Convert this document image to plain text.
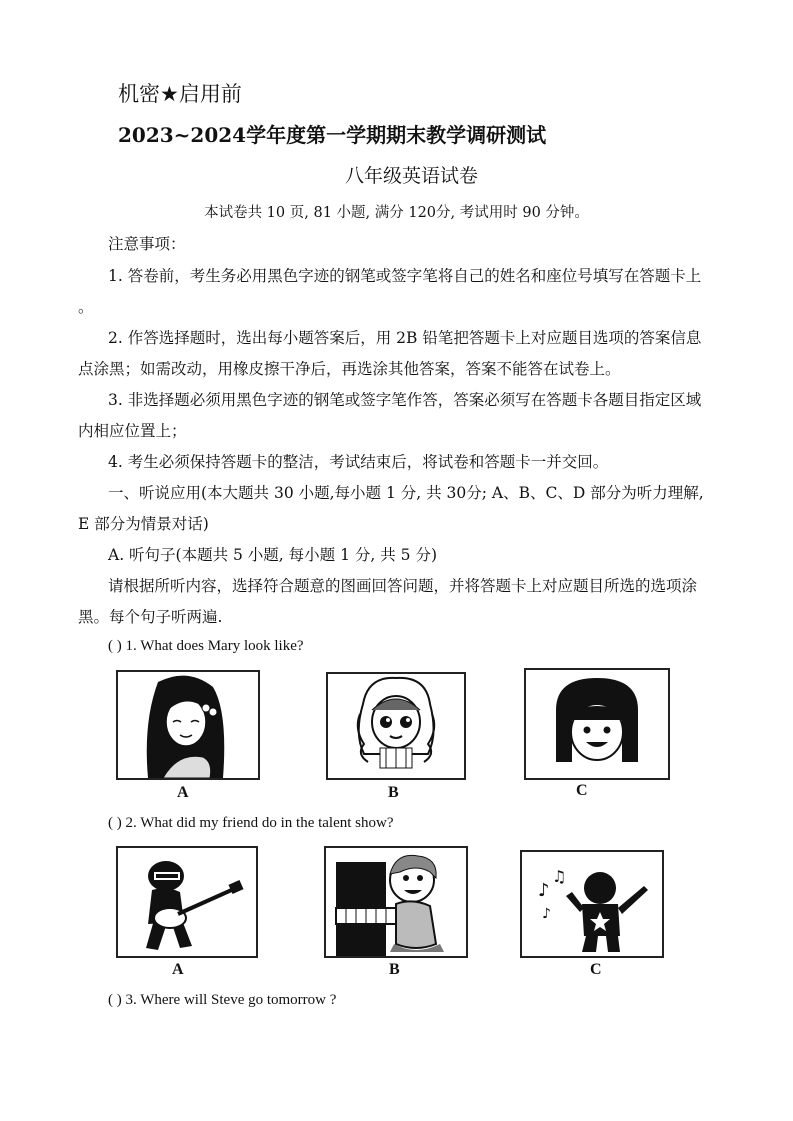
机密★启用前
2023~2024学年度第一学期期末教学调研测试
八年级英语试卷
本试卷共 10 页, 81 小题, 满分 120分, 考试用时 90 分钟。
注意事项：
1. 答卷前，考生务必用黑色字迹的钢笔或签字笔将自己的姓名和座位号填写在答题卡上
。
2. 作答选择题时，选出每小题答案后，用 2B 铅笔把答题卡上对应题目选项的答案信息
点涂黑；如需改动，用橡皮擦干净后，再选涂其他答案，答案不能答在试卷上。
3. 非选择题必须用黑色字迹的钢笔或签字笔作答，答案必须写在答题卡各题目指定区域
内相应位置上；
4. 考生必须保持答题卡的整洁，考试结束后，将试卷和答题卡一并交回。
一、听说应用(本大题共 30 小题,每小题 1 分, 共 30分; A、B、C、D 部分为听力理解,
E 部分为情景对话)
A. 听句子(本题共 5 小题, 每小题 1 分, 共 5 分)
请根据所听内容，选择符合题意的图画回答问题，并将答题卡上对应题目所选的选项涂
黑。每个句子听两遍.
( ) 1. What does Mary look like?
A	B	C
( ) 2. What did my friend do in the talent show?
♪
♫
♪
A	B	C
( ) 3. Where will Steve go tomorrow ?
